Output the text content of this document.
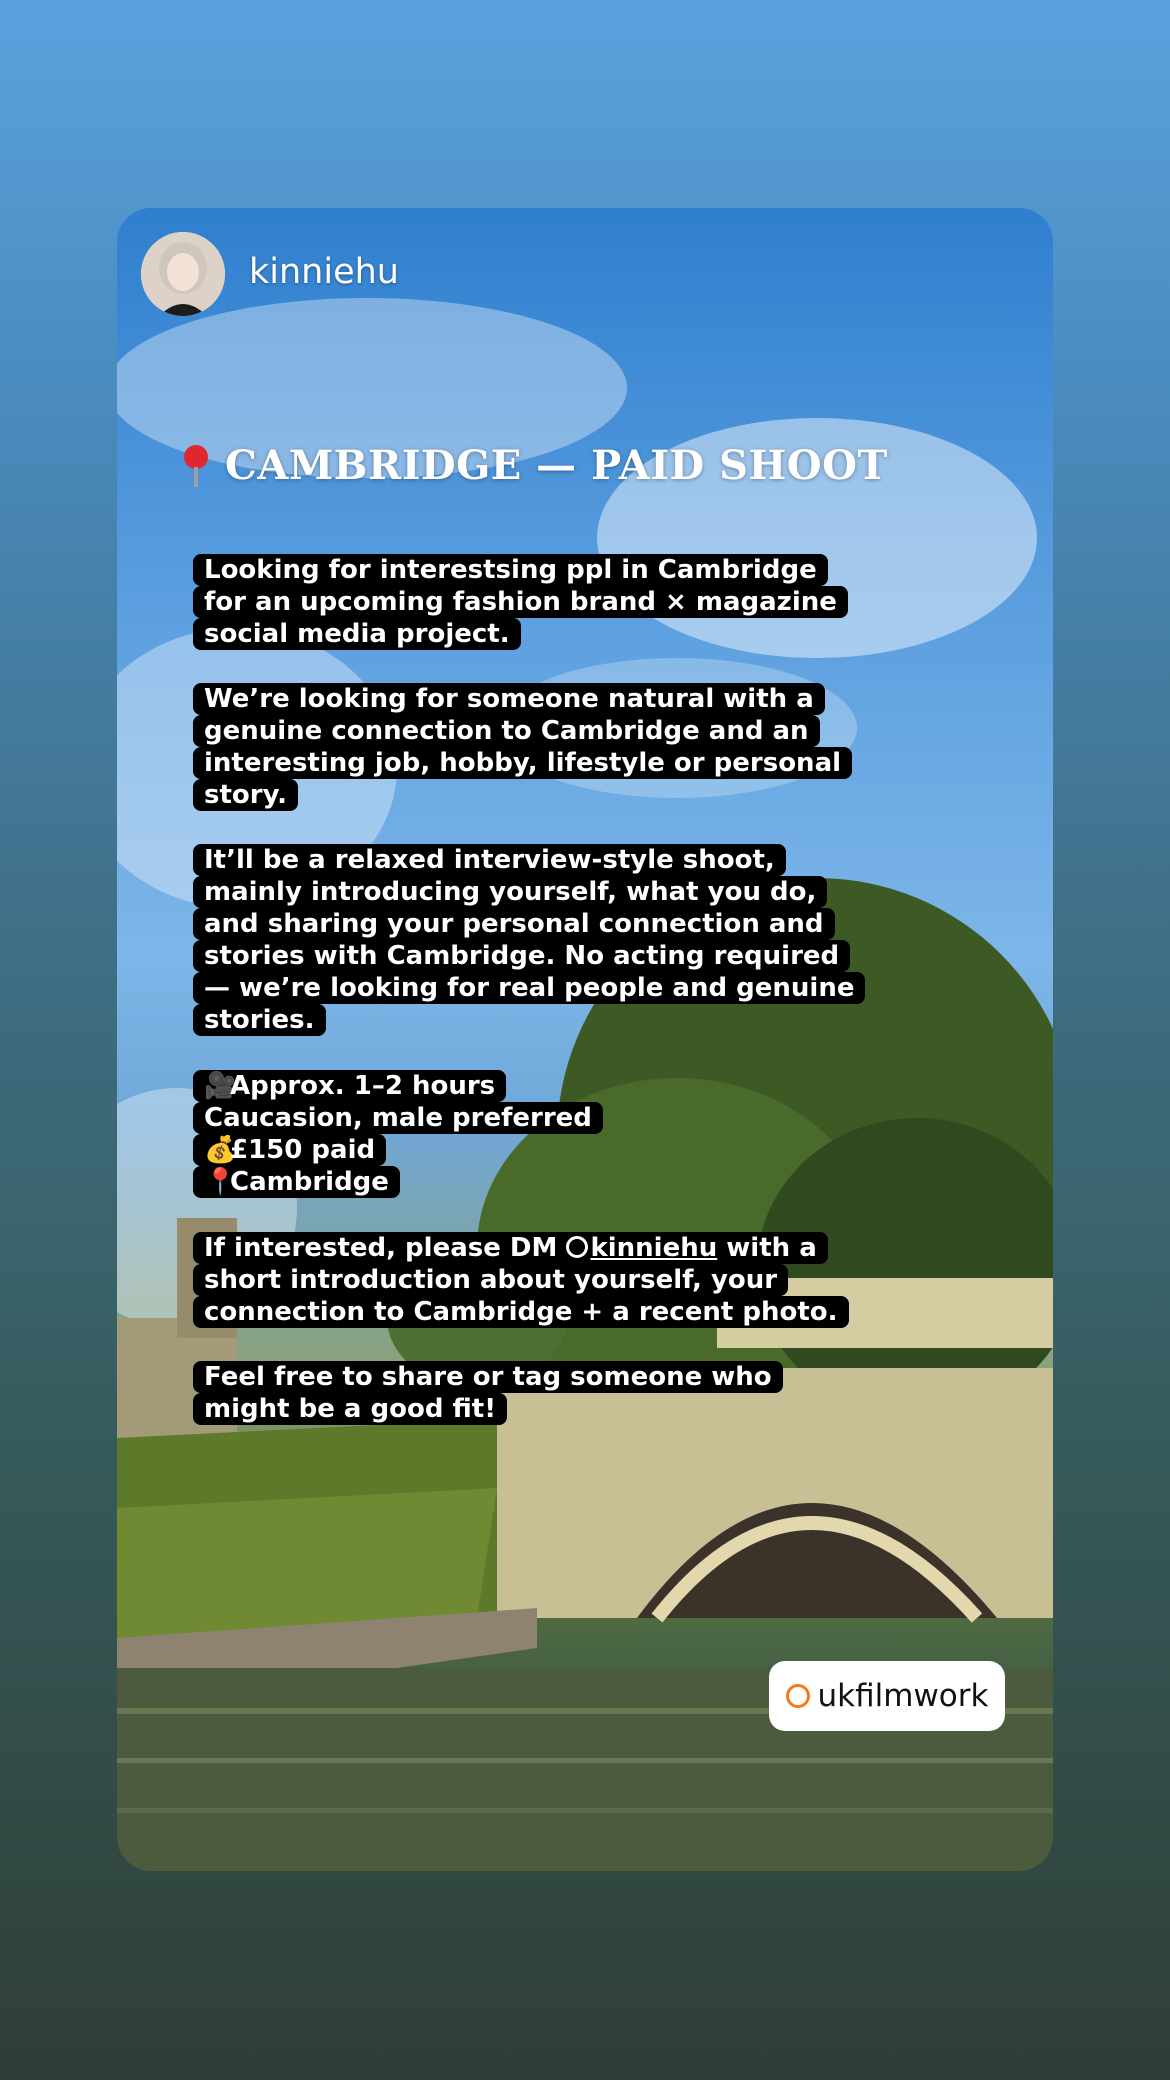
kinniehu
CAMBRIDGE — PAID SHOOT
Looking for interestsing ppl in Cambridge
for an upcoming fashion brand × magazine
social media project.
We’re looking for someone natural with a
genuine connection to Cambridge and an
interesting job, hobby, lifestyle or personal
story.
It’ll be a relaxed interview-style shoot,
mainly introducing yourself, what you do,
and sharing your personal connection and
stories with Cambridge. No acting required
— we’re looking for real people and genuine
stories.
🎥Approx. 1–2 hours
Caucasion, male preferred
💰£150 paid
📍Cambridge
If interested, please DM kinniehu with a
short introduction about yourself, your
connection to Cambridge + a recent photo.
Feel free to share or tag someone who
might be a good fit!
ukfilmwork
